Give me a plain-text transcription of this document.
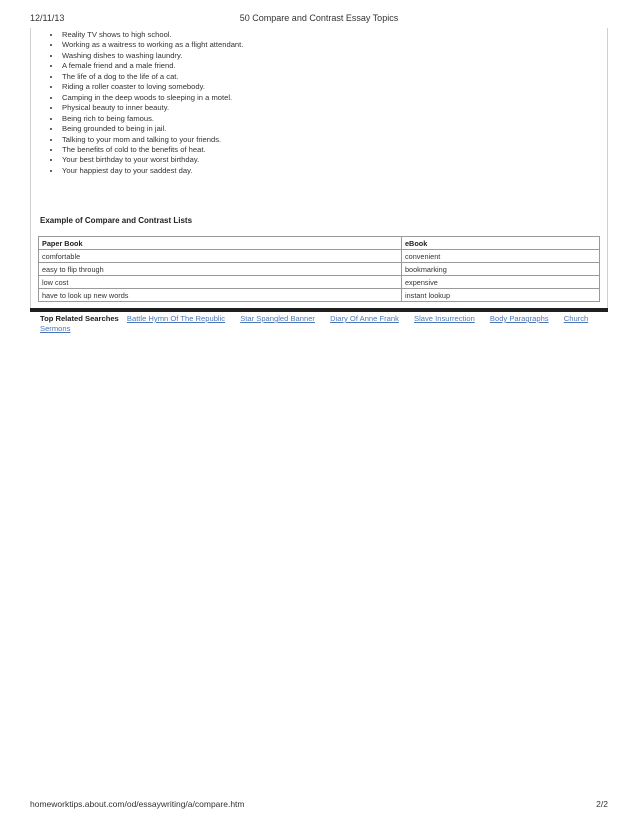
12/11/13	50 Compare and Contrast Essay Topics
• Reality TV shows to high school.
• Working as a waitress to working as a flight attendant.
• Washing dishes to washing laundry.
• A female friend and a male friend.
• The life of a dog to the life of a cat.
• Riding a roller coaster to loving somebody.
• Camping in the deep woods to sleeping in a motel.
• Physical beauty to inner beauty.
• Being rich to being famous.
• Being grounded to being in jail.
• Talking to your mom and talking to your friends.
• The benefits of cold to the benefits of heat.
• Your best birthday to your worst birthday.
• Your happiest day to your saddest day.
Example of Compare and Contrast Lists
Paper Book	eBook
comfortable	convenient
easy to flip through	bookmarking
low cost	expensive
have to look up new words	instant lookup
Top Related Searches Battle Hymn Of The Republic Star Spangled Banner Diary Of Anne Frank Slave Insurrection Body Paragraphs Church Sermons
homeworktips.about.com/od/essaywriting/a/compare.htm	2/2
